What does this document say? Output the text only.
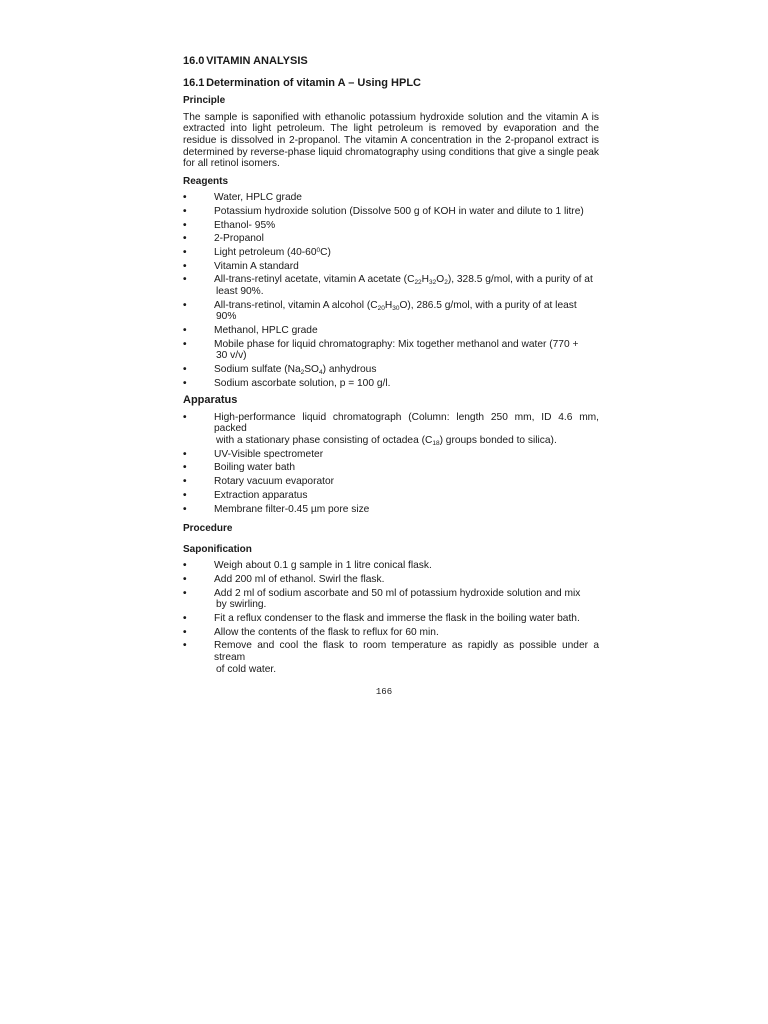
16.0 VITAMIN ANALYSIS
16.1 Determination of vitamin A – Using HPLC
Principle

The sample is saponified with ethanolic potassium hydroxide solution and the vitamin A is extracted into light petroleum. The light petroleum is removed by evaporation and the residue is dissolved in 2-propanol. The vitamin A concentration in the 2-propanol extract is determined by reverse-phase liquid chromatography using conditions that give a single peak for all retinol isomers.

Reagents
•	Water, HPLC grade
•	Potassium hydroxide solution (Dissolve 500 g of KOH in water and dilute to 1 litre)
•	Ethanol- 95%
•	2-Propanol
•	Light petroleum $(40-60^0C)$
•	Vitamin A standard
•	All-trans-retinyl acetate, vitamin A acetate $(C_{22}H_{32}O_2)$, 328.5 g/mol, with a purity of at
least 90%.
•	All-trans-retinol, vitamin A alcohol $(C_{20}H_{30}O)$, 286.5 g/mol, with a purity of at least
90%
•	Methanol, HPLC grade
•	Mobile phase for liquid chromatography: Mix together methanol and water (770 +
30 v/v)
•	Sodium sulfate $(Na_2SO_4)$ anhydrous
•	Sodium ascorbate solution, p = 100 g/l.
Apparatus
•	High-performance liquid chromatograph (Column: length 250 mm, ID 4.6 mm, packed
with a stationary phase consisting of octadea $(C_{18})$ groups bonded to silica).
•	UV-Visible spectrometer
•	Boiling water bath
•	Rotary vacuum evaporator
•	Extraction apparatus
•	Membrane filter-0.45 µm pore size
Procedure
Saponification
•	Weigh about 0.1 g sample in 1 litre conical flask.
•	Add 200 ml of ethanol. Swirl the flask.
•	Add 2 ml of sodium ascorbate and 50 ml of potassium hydroxide solution and mix
by swirling.
•	Fit a reflux condenser to the flask and immerse the flask in the boiling water bath.
•	Allow the contents of the flask to reflux for 60 min.
•	Remove and cool the flask to room temperature as rapidly as possible under a stream
of cold water.
166
